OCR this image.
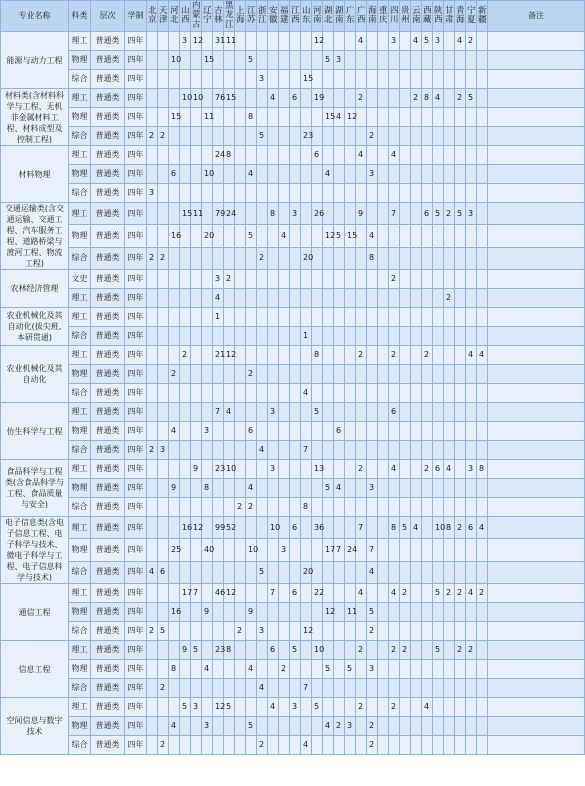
专业名称	科类	层次	学制	北京	天津	河北	山西	内蒙古	辽宁	吉林	黑龙江	上海	江苏	浙江	安徽	福建	江西	山东	河南	湖北	湖南	广东	广西	海南	重庆	四川	贵州	云南	西藏	陕西	甘肃	青海	宁夏	新疆	备注
能源与动力工程	理工	普通类	四年				3	12		31	11								12				4			3		4	5	3		4	2		
	物理	普通类	四年			10			15				5							5	3														
	综合	普通类	四年											3				15																	
材料类(含材料科学与工程、无机非金属材料工程、材料成型及控制工程)	理工	普通类	四年				10	10		76	15				4		6		19				2					2	8	4		2	5		
	物理	普通类	四年			15			11				8							15	4	12													
	综合	普通类	四年	2	2									5				23						2											
材料物理	理工	普通类	四年							24	8								6				4			4									
	物理	普通类	四年			6			10				4							4				3											
	综合	普通类	四年	3																															
交通运输类(含交通运输、交通工程、汽车服务工程、道路桥梁与渡河工程、物流工程)	理工	普通类	四年				15	11		79	24				8		3		26				9			7			6	5	2	5	3		
	物理	普通类	四年			16			20				5			4				12	5	15		4											
	综合	普通类	四年	2	2									2				20						8											
农林经济管理	文史	普通类	四年							3	2															2									
	理工	普通类	四年							4																					2				
农业机械化及其自动化(拔尖班, 本研贯通)	理工	普通类	四年							1																									
	综合	普通类	四年															1																	
农业机械化及其自动化	理工	普通类	四年				2			21	12								8				2			2			2				4	4	
	物理	普通类	四年			2							2																						
	综合	普通类	四年															4																	
仿生科学与工程	理工	普通类	四年							7	4				3				5							6									
	物理	普通类	四年			4			3				6								6														
	综合	普通类	四年	2	3									4				7																	
食品科学与工程类(含食品科学与工程、食品质量与安全)	理工	普通类	四年					9		23	10				3				13				2			4			2	6	4		3	8	
	物理	普通类	四年			9			8				4							5	4			3											
	综合	普通类	四年									2	2					8																	
电子信息类(含电子信息工程、电子科学与技术、微电子科学与工程、电子信息科学与技术)	理工	普通类	四年				16	12		99	52				10		6		36				7			8	5	4		10	8	2	6	4	
	物理	普通类	四年			25			40				10			3				17	7	24		7											
	综合	普通类	四年	4	6									5				20						4											
通信工程	理工	普通类	四年				17	7		46	12				7		6		22				4			4	2			5	2	2	4	2	
	物理	普通类	四年			16			9				9							12		11		5											
	综合	普通类	四年	2	5							2		3				12						2											
信息工程	理工	普通类	四年				9	5		23	8				6		5		10				2			2	2			5		2	2		
	物理	普通类	四年			8			4				4			2				5		5		3											
	综合	普通类	四年		2									4				7																	
空间信息与数字技术	理工	普通类	四年				5	3		12	5				4		3		5				2			2			4						
	物理	普通类	四年			4			3				5							4	2	3		2											
	综合	普通类	四年		2									2				4						2											
